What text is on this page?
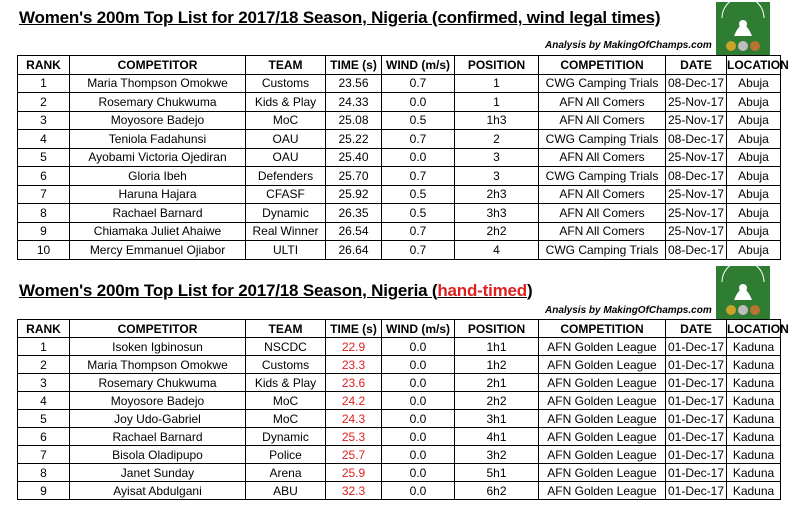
Women's 200m Top List for 2017/18 Season, Nigeria (confirmed, wind legal times)
Analysis by MakingOfChamps.com
RANK	COMPETITOR	TEAM	TIME (s)	WIND (m/s)	POSITION	COMPETITION	DATE	LOCATION
1	Maria Thompson Omokwe	Customs	23.56	0.7	1	CWG Camping Trials	08-Dec-17	Abuja
2	Rosemary Chukwuma	Kids & Play	24.33	0.0	1	AFN All Comers	25-Nov-17	Abuja
3	Moyosore Badejo	MoC	25.08	0.5	1h3	AFN All Comers	25-Nov-17	Abuja
4	Teniola Fadahunsi	OAU	25.22	0.7	2	CWG Camping Trials	08-Dec-17	Abuja
5	Ayobami Victoria Ojediran	OAU	25.40	0.0	3	AFN All Comers	25-Nov-17	Abuja
6	Gloria Ibeh	Defenders	25.70	0.7	3	CWG Camping Trials	08-Dec-17	Abuja
7	Haruna Hajara	CFASF	25.92	0.5	2h3	AFN All Comers	25-Nov-17	Abuja
8	Rachael Barnard	Dynamic	26.35	0.5	3h3	AFN All Comers	25-Nov-17	Abuja
9	Chiamaka Juliet Ahaiwe	Real Winner	26.54	0.7	2h2	AFN All Comers	25-Nov-17	Abuja
10	Mercy Emmanuel Ojiabor	ULTI	26.64	0.7	4	CWG Camping Trials	08-Dec-17	Abuja
Women's 200m Top List for 2017/18 Season, Nigeria (hand-timed)
Analysis by MakingOfChamps.com
RANK	COMPETITOR	TEAM	TIME (s)	WIND (m/s)	POSITION	COMPETITION	DATE	LOCATION
1	Isoken Igbinosun	NSCDC	22.9	0.0	1h1	AFN Golden League	01-Dec-17	Kaduna
2	Maria Thompson Omokwe	Customs	23.3	0.0	1h2	AFN Golden League	01-Dec-17	Kaduna
3	Rosemary Chukwuma	Kids & Play	23.6	0.0	2h1	AFN Golden League	01-Dec-17	Kaduna
4	Moyosore Badejo	MoC	24.2	0.0	2h2	AFN Golden League	01-Dec-17	Kaduna
5	Joy Udo-Gabriel	MoC	24.3	0.0	3h1	AFN Golden League	01-Dec-17	Kaduna
6	Rachael Barnard	Dynamic	25.3	0.0	4h1	AFN Golden League	01-Dec-17	Kaduna
7	Bisola Oladipupo	Police	25.7	0.0	3h2	AFN Golden League	01-Dec-17	Kaduna
8	Janet Sunday	Arena	25.9	0.0	5h1	AFN Golden League	01-Dec-17	Kaduna
9	Ayisat Abdulgani	ABU	32.3	0.0	6h2	AFN Golden League	01-Dec-17	Kaduna
